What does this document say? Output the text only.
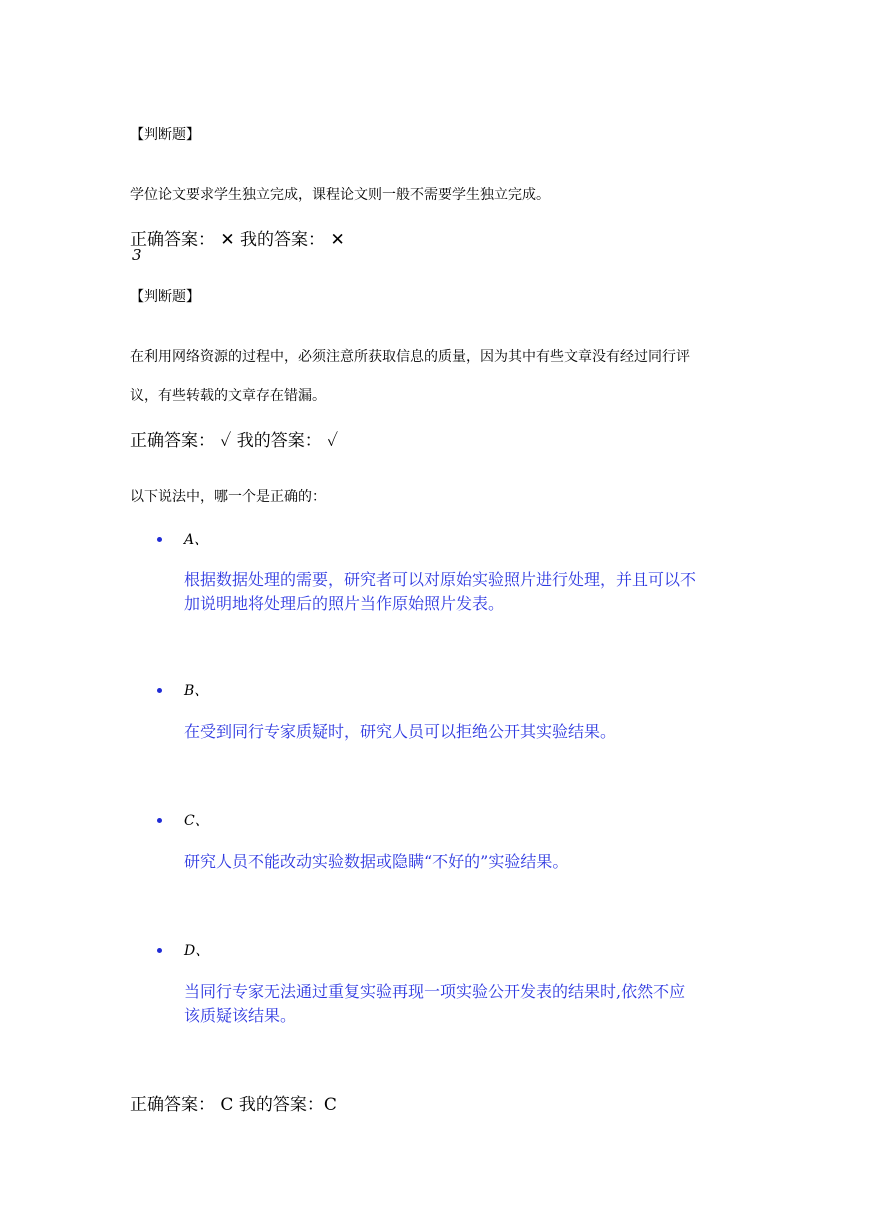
【判断题】
学位论文要求学生独立完成，课程论文则一般不需要学生独立完成。
正确答案： ✕ 我的答案： ✕
3
【判断题】
在利用网络资源的过程中，必须注意所获取信息的质量，因为其中有些文章没有经过同行评
议，有些转载的文章存在错漏。
正确答案： ✓ 我的答案： ✓
以下说法中，哪一个是正确的：
A、
根据数据处理的需要，研究者可以对原始实验照片进行处理，并且可以不
加说明地将处理后的照片当作原始照片发表。
B、
在受到同行专家质疑时，研究人员可以拒绝公开其实验结果。
C、
研究人员不能改动实验数据或隐瞒“不好的”实验结果。
D、
当同行专家无法通过重复实验再现一项实验公开发表的结果时,依然不应
该质疑该结果。
正确答案： C 我的答案：C
